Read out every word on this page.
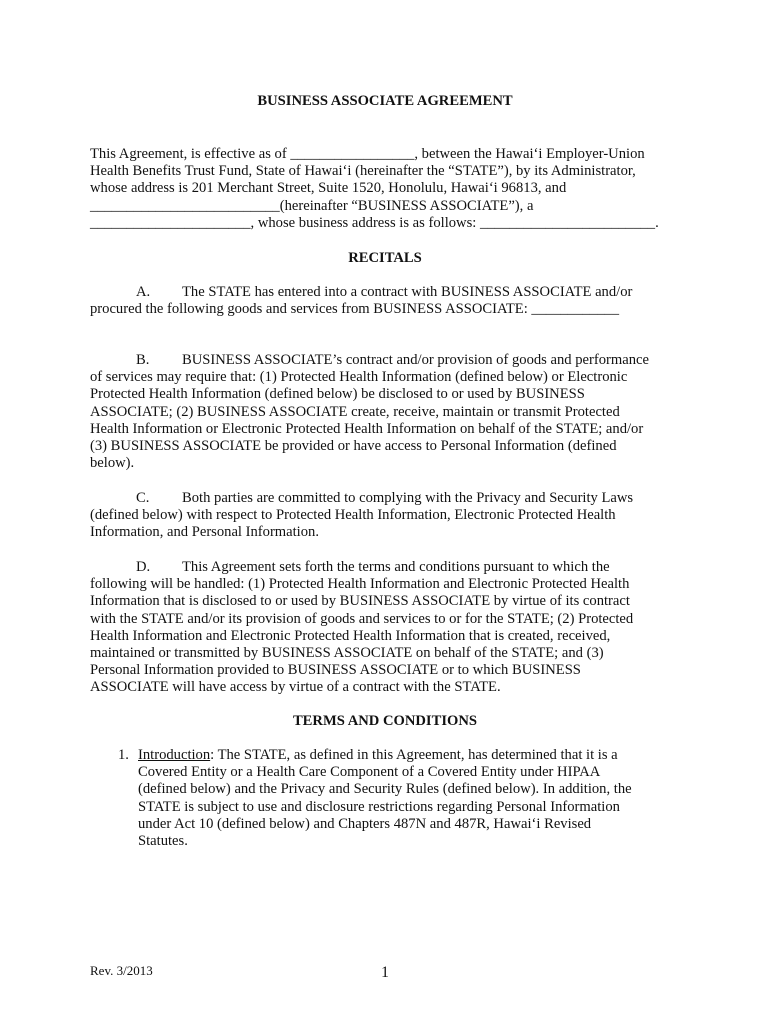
BUSINESS ASSOCIATE AGREEMENT

This Agreement, is effective as of _________________, between the Hawai‘i Employer-Union

Health Benefits Trust Fund, State of Hawai‘i (hereinafter the “STATE”), by its Administrator,

whose address is 201 Merchant Street, Suite 1520, Honolulu, Hawai‘i 96813, and

__________________________(hereinafter “BUSINESS ASSOCIATE”), a

______________________, whose business address is as follows: ________________________.

RECITALS

A. The STATE has entered into a contract with BUSINESS ASSOCIATE and/or

procured the following goods and services from BUSINESS ASSOCIATE: ____________

B. BUSINESS ASSOCIATE’s contract and/or provision of goods and performance

of services may require that: (1) Protected Health Information (defined below) or Electronic

Protected Health Information (defined below) be disclosed to or used by BUSINESS

ASSOCIATE; (2) BUSINESS ASSOCIATE create, receive, maintain or transmit Protected

Health Information or Electronic Protected Health Information on behalf of the STATE; and/or

(3) BUSINESS ASSOCIATE be provided or have access to Personal Information (defined

below).

C. Both parties are committed to complying with the Privacy and Security Laws

(defined below) with respect to Protected Health Information, Electronic Protected Health

Information, and Personal Information.

D. This Agreement sets forth the terms and conditions pursuant to which the

following will be handled: (1) Protected Health Information and Electronic Protected Health

Information that is disclosed to or used by BUSINESS ASSOCIATE by virtue of its contract

with the STATE and/or its provision of goods and services to or for the STATE; (2) Protected

Health Information and Electronic Protected Health Information that is created, received,

maintained or transmitted by BUSINESS ASSOCIATE on behalf of the STATE; and (3)

Personal Information provided to BUSINESS ASSOCIATE or to which BUSINESS

ASSOCIATE will have access by virtue of a contract with the STATE.

TERMS AND CONDITIONS
1. Introduction: The STATE, as defined in this Agreement, has determined that it is a

Covered Entity or a Health Care Component of a Covered Entity under HIPAA

(defined below) and the Privacy and Security Rules (defined below). In addition, the

STATE is subject to use and disclosure restrictions regarding Personal Information

under Act 10 (defined below) and Chapters 487N and 487R, Hawai‘i Revised

Statutes.

Rev. 3/2013	1
